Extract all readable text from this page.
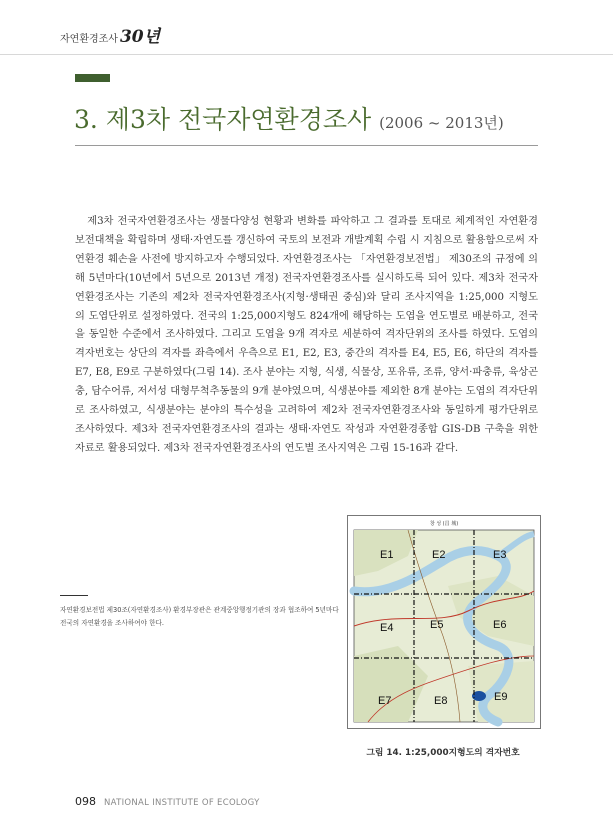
자연환경조사 30년
3. 제3차 전국자연환경조사 (2006 ~ 2013년)

제3차 전국자연환경조사는 생물다양성 현황과 변화를 파악하고 그 결과를 토대로 체계적인 자연환경보전대책을 확립하며 생태·자연도를 갱신하여 국토의 보전과 개발계획 수립 시 지침으로 활용함으로써 자연환경 훼손을 사전에 방지하고자 수행되었다. 자연환경조사는 「자연환경보전법」 제30조의 규정에 의해 5년마다(10년에서 5년으로 2013년 개정) 전국자연환경조사를 실시하도록 되어 있다. 제3차 전국자연환경조사는 기존의 제2차 전국자연환경조사(지형·생태권 중심)와 달리 조사지역을 1:25,000 지형도의 도엽단위로 설정하였다. 전국의 1:25,000지형도 824개에 해당하는 도엽을 연도별로 배분하고, 전국을 동일한 수준에서 조사하였다. 그리고 도엽을 9개 격자로 세분하여 격자단위의 조사를 하였다. 도엽의 격자번호는 상단의 격자를 좌측에서 우측으로 E1, E2, E3, 중간의 격자를 E4, E5, E6, 하단의 격자를 E7, E8, E9로 구분하였다(그림 14). 조사 분야는 지형, 식생, 식물상, 포유류, 조류, 양서·파충류, 육상곤충, 담수어류, 저서성 대형무척추동물의 9개 분야였으며, 식생분야를 제외한 8개 분야는 도엽의 격자단위로 조사하였고, 식생분야는 분야의 특수성을 고려하여 제2차 전국자연환경조사와 동일하게 평가단위로 조사하였다. 제3차 전국자연환경조사의 결과는 생태·자연도 작성과 자연환경종합 GIS-DB 구축을 위한 자료로 활용되었다. 제3차 전국자연환경조사의 연도별 조사지역은 그림 15-16과 같다.

자연환경보전법 제30조(자연환경조사) 환경부장관은 관계중앙행정기관의 장과 협조하여 5년마다 전국의 자연환경을 조사하여야 한다.
창 성 (昌 城)
E1	E2	E3
E4	E5	E6
E7	E8	E9
그림 14. 1:25,000지형도의 격자번호
098 NATIONAL INSTITUTE OF ECOLOGY
